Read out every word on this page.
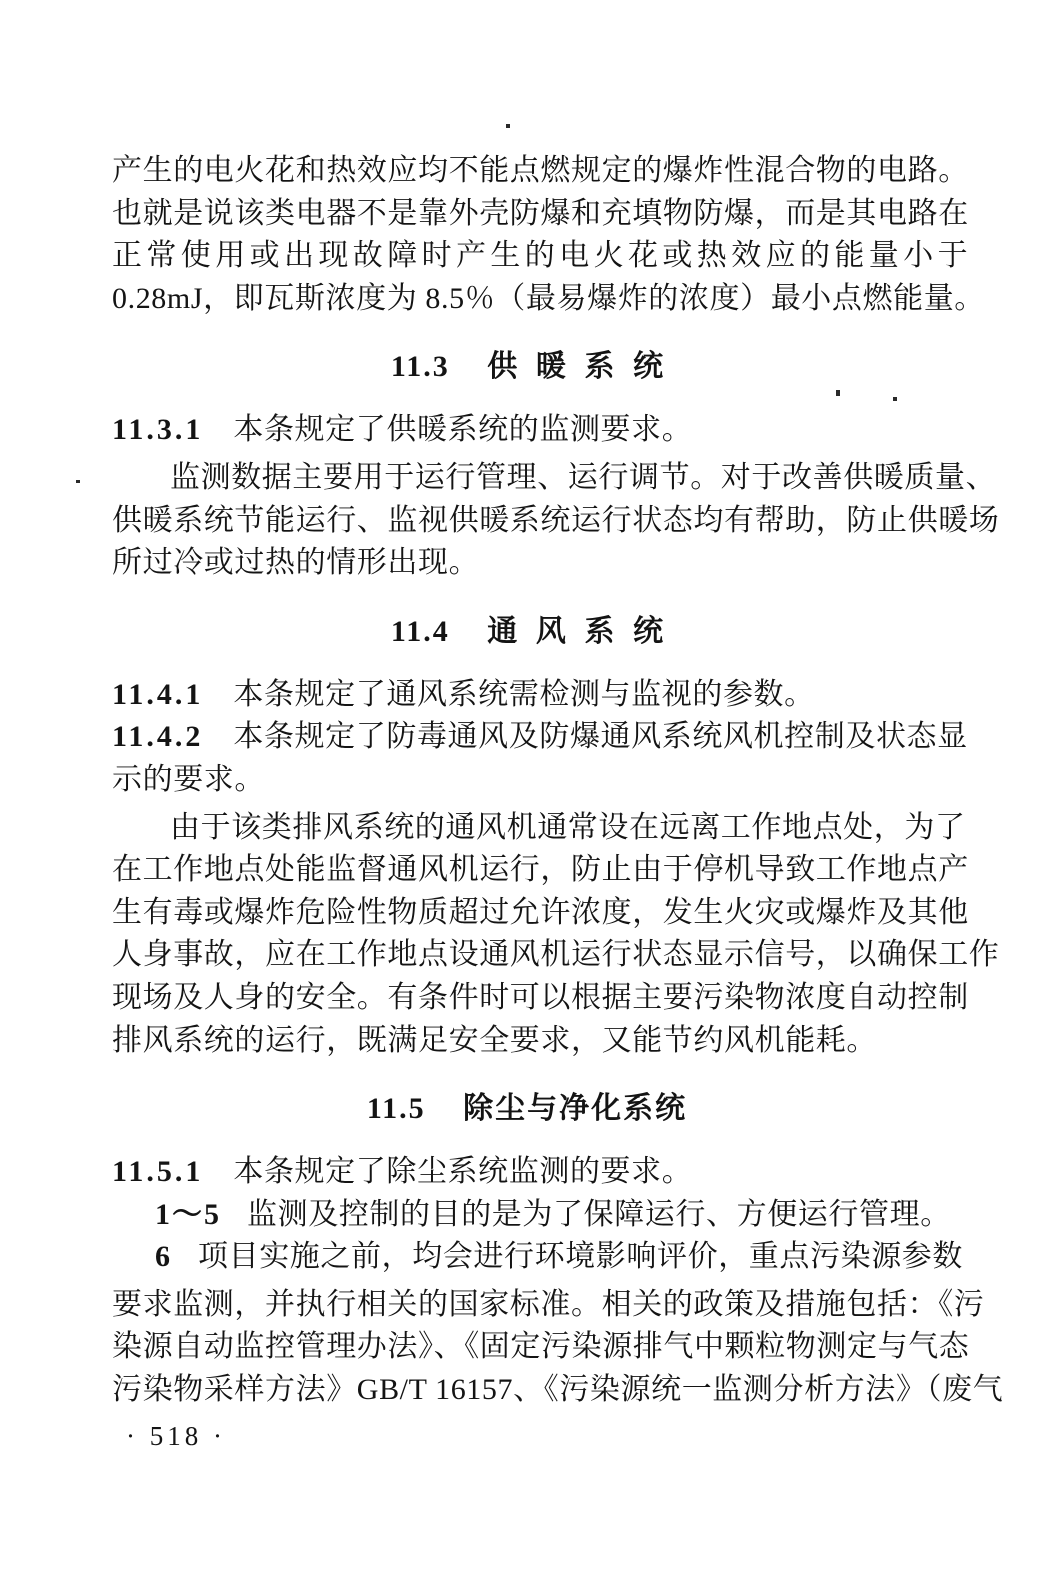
产生的电火花和热效应均不能点燃规定的爆炸性混合物的电路。
也就是说该类电器不是靠外壳防爆和充填物防爆，而是其电路在
正常使用或出现故障时产生的电火花或热效应的能量小于
0.28mJ，即瓦斯浓度为 8.5％（最易爆炸的浓度）最小点燃能量。
11.3 供暖系统
11.3.1 本条规定了供暖系统的监测要求。
监测数据主要用于运行管理、运行调节。对于改善供暖质量、
供暖系统节能运行、监视供暖系统运行状态均有帮助，防止供暖场
所过冷或过热的情形出现。
11.4 通风系统
11.4.1 本条规定了通风系统需检测与监视的参数。
11.4.2 本条规定了防毒通风及防爆通风系统风机控制及状态显
示的要求。
由于该类排风系统的通风机通常设在远离工作地点处，为了
在工作地点处能监督通风机运行，防止由于停机导致工作地点产
生有毒或爆炸危险性物质超过允许浓度，发生火灾或爆炸及其他
人身事故，应在工作地点设通风机运行状态显示信号，以确保工作
现场及人身的安全。有条件时可以根据主要污染物浓度自动控制
排风系统的运行，既满足安全要求，又能节约风机能耗。
11.5 除尘与净化系统
11.5.1 本条规定了除尘系统监测的要求。
1～5 监测及控制的目的是为了保障运行、方便运行管理。
6 项目实施之前，均会进行环境影响评价，重点污染源参数
要求监测，并执行相关的国家标准。相关的政策及措施包括：《污
染源自动监控管理办法》、《固定污染源排气中颗粒物测定与气态
污染物采样方法》GB/T 16157、《污染源统一监测分析方法》（废气
· 518 ·
